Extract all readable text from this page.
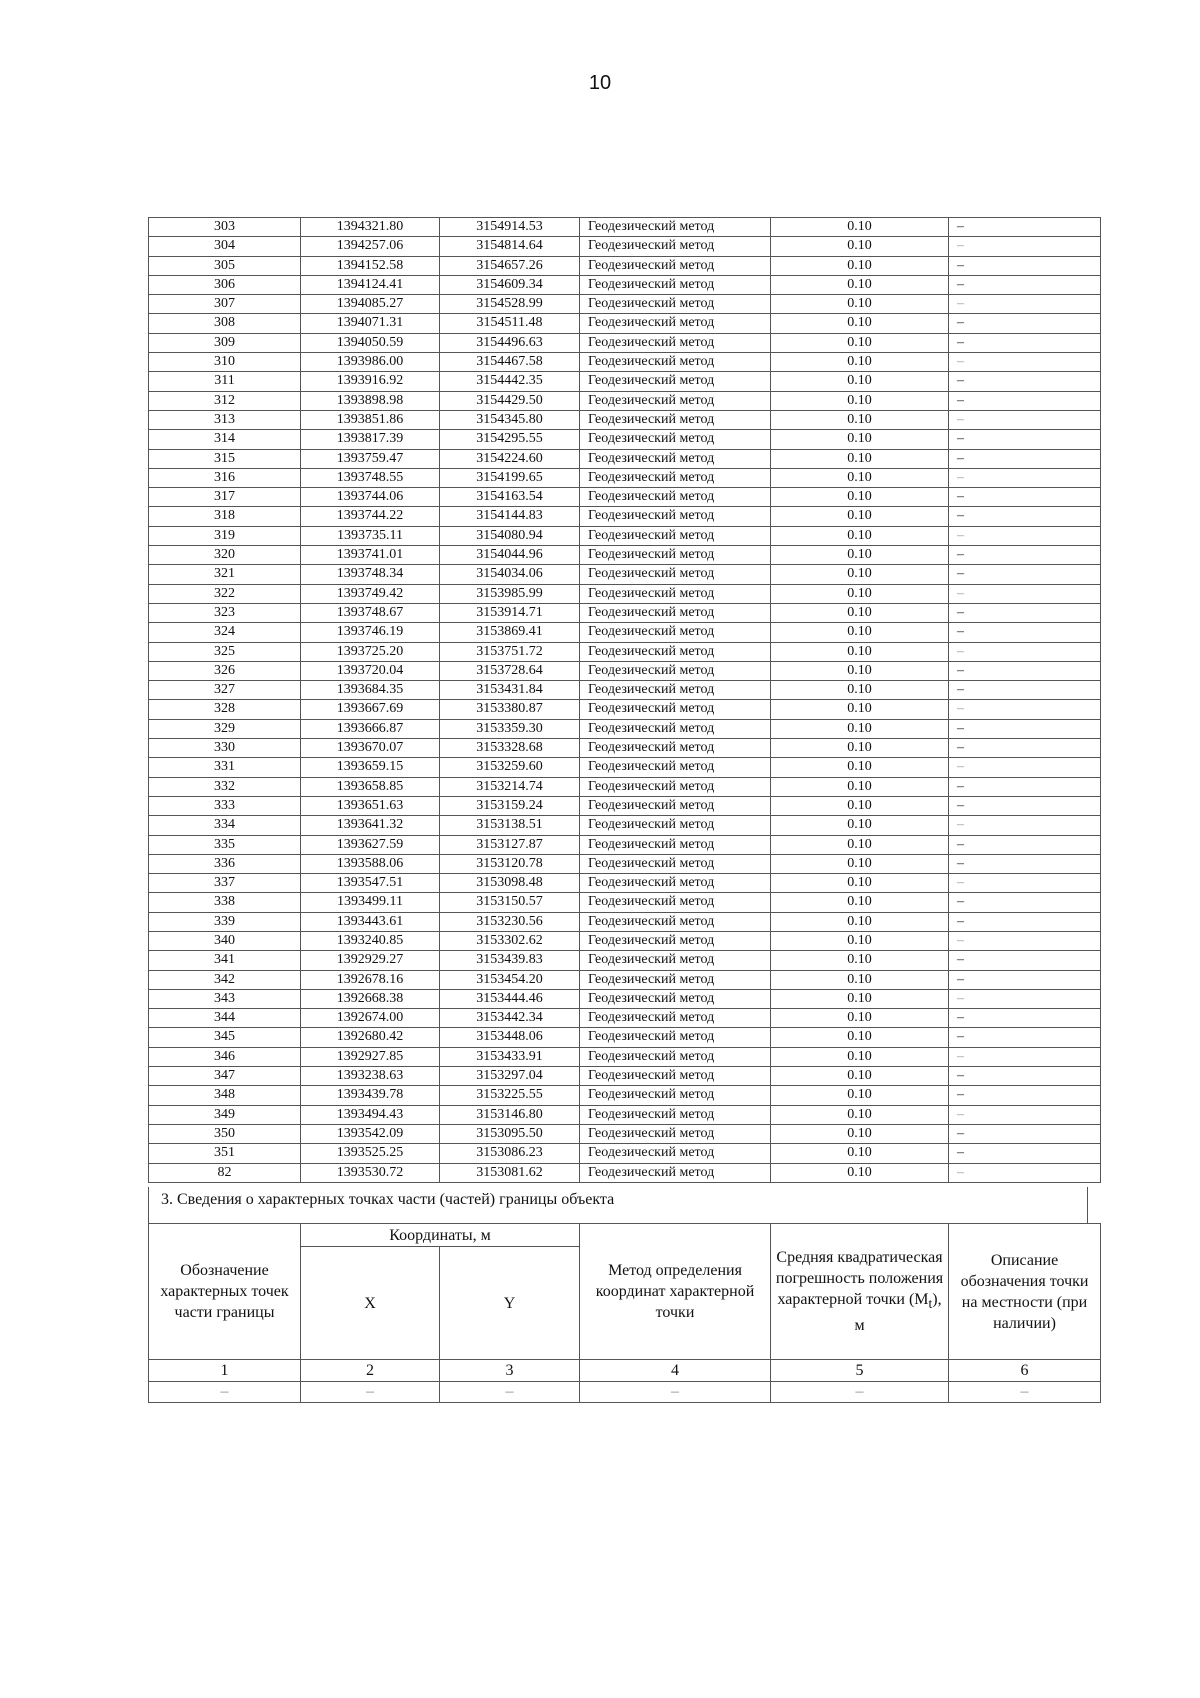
10
303	1394321.80	3154914.53	Геодезический метод	0.10	–
304	1394257.06	3154814.64	Геодезический метод	0.10	–
305	1394152.58	3154657.26	Геодезический метод	0.10	–
306	1394124.41	3154609.34	Геодезический метод	0.10	–
307	1394085.27	3154528.99	Геодезический метод	0.10	–
308	1394071.31	3154511.48	Геодезический метод	0.10	–
309	1394050.59	3154496.63	Геодезический метод	0.10	–
310	1393986.00	3154467.58	Геодезический метод	0.10	–
311	1393916.92	3154442.35	Геодезический метод	0.10	–
312	1393898.98	3154429.50	Геодезический метод	0.10	–
313	1393851.86	3154345.80	Геодезический метод	0.10	–
314	1393817.39	3154295.55	Геодезический метод	0.10	–
315	1393759.47	3154224.60	Геодезический метод	0.10	–
316	1393748.55	3154199.65	Геодезический метод	0.10	–
317	1393744.06	3154163.54	Геодезический метод	0.10	–
318	1393744.22	3154144.83	Геодезический метод	0.10	–
319	1393735.11	3154080.94	Геодезический метод	0.10	–
320	1393741.01	3154044.96	Геодезический метод	0.10	–
321	1393748.34	3154034.06	Геодезический метод	0.10	–
322	1393749.42	3153985.99	Геодезический метод	0.10	–
323	1393748.67	3153914.71	Геодезический метод	0.10	–
324	1393746.19	3153869.41	Геодезический метод	0.10	–
325	1393725.20	3153751.72	Геодезический метод	0.10	–
326	1393720.04	3153728.64	Геодезический метод	0.10	–
327	1393684.35	3153431.84	Геодезический метод	0.10	–
328	1393667.69	3153380.87	Геодезический метод	0.10	–
329	1393666.87	3153359.30	Геодезический метод	0.10	–
330	1393670.07	3153328.68	Геодезический метод	0.10	–
331	1393659.15	3153259.60	Геодезический метод	0.10	–
332	1393658.85	3153214.74	Геодезический метод	0.10	–
333	1393651.63	3153159.24	Геодезический метод	0.10	–
334	1393641.32	3153138.51	Геодезический метод	0.10	–
335	1393627.59	3153127.87	Геодезический метод	0.10	–
336	1393588.06	3153120.78	Геодезический метод	0.10	–
337	1393547.51	3153098.48	Геодезический метод	0.10	–
338	1393499.11	3153150.57	Геодезический метод	0.10	–
339	1393443.61	3153230.56	Геодезический метод	0.10	–
340	1393240.85	3153302.62	Геодезический метод	0.10	–
341	1392929.27	3153439.83	Геодезический метод	0.10	–
342	1392678.16	3153454.20	Геодезический метод	0.10	–
343	1392668.38	3153444.46	Геодезический метод	0.10	–
344	1392674.00	3153442.34	Геодезический метод	0.10	–
345	1392680.42	3153448.06	Геодезический метод	0.10	–
346	1392927.85	3153433.91	Геодезический метод	0.10	–
347	1393238.63	3153297.04	Геодезический метод	0.10	–
348	1393439.78	3153225.55	Геодезический метод	0.10	–
349	1393494.43	3153146.80	Геодезический метод	0.10	–
350	1393542.09	3153095.50	Геодезический метод	0.10	–
351	1393525.25	3153086.23	Геодезический метод	0.10	–
82	1393530.72	3153081.62	Геодезический метод	0.10	–
3. Сведения о характерных точках части (частей) границы объекта
Обозначение характерных точек части границы	Координаты, м		Метод определения координат характерной точки	Средняя квадратическая погрешность положения характерной точки $(М_t)$, м	Описание обозначения точки на местности (при наличии)
	X	Y			
1	2	3	4	5	6
–	–	–	–	–	–
